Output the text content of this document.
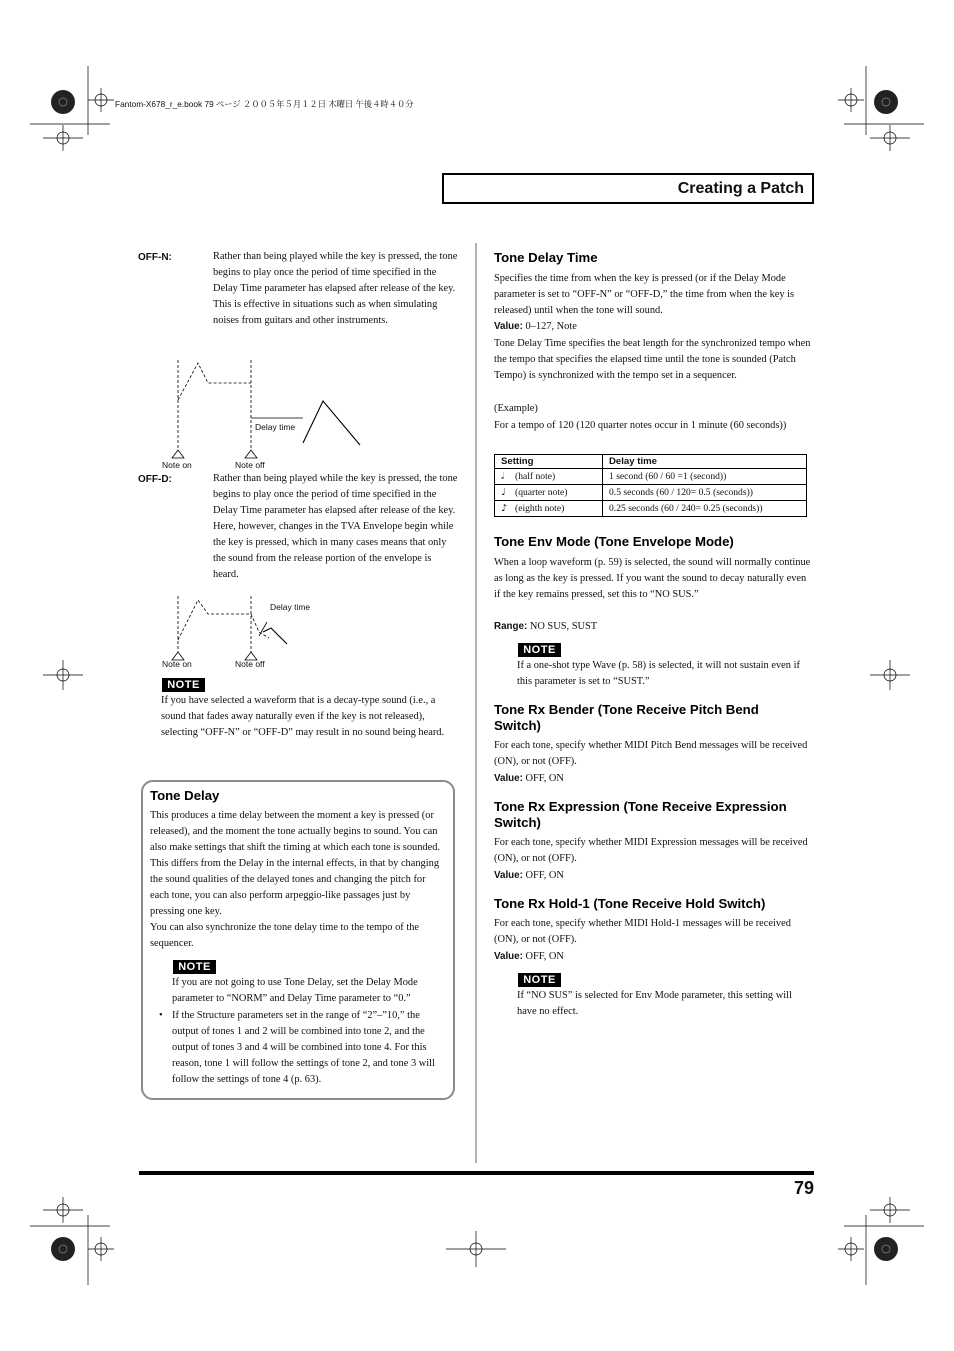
Fantom-X678_r_e.book 79 ページ ２００５年５月１２日 木曜日 午後４時４０分
Creating a Patch
OFF-N:	Rather than being played while the key is pressed, the tone begins to play once the period of time specified in the Delay Time parameter has elapsed after release of the key. This is effective in situations such as when simulating noises from guitars and other instruments.

Delay time
Note on	Note off
OFF-D:	Rather than being played while the key is pressed, the tone begins to play once the period of time specified in the Delay Time parameter has elapsed after release of the key. Here, however, changes in the TVA Envelope begin while the key is pressed, which in many cases means that only the sound from the release portion of the envelope is heard.

Delay time
Note on	Note off
NOTE

If you have selected a waveform that is a decay-type sound (i.e., a sound that fades away naturally even if the key is not released), selecting “OFF-N” or “OFF-D” may result in no sound being heard.

Tone Delay

This produces a time delay between the moment a key is pressed (or released), and the moment the tone actually begins to sound. You can also make settings that shift the timing at which each tone is sounded. This differs from the Delay in the internal effects, in that by changing the sound qualities of the delayed tones and changing the pitch for each tone, you can also perform arpeggio-like passages just by pressing one key.

You can also synchronize the tone delay time to the tempo of the sequencer.

NOTE

If you are not going to use Tone Delay, set the Delay Mode parameter to “NORM” and Delay Time parameter to “0.”

• If the Structure parameters set in the range of “2”–”10,” the output of tones 1 and 2 will be combined into tone 2, and the output of tones 3 and 4 will be combined into tone 4. For this reason, tone 1 will follow the settings of tone 2, and tone 3 will follow the settings of tone 4 (p. 63).

Tone Delay Time

Specifies the time from when the key is pressed (or if the Delay Mode parameter is set to “OFF-N” or “OFF-D,” the time from when the key is released) until when the tone will sound.

Value: 0–127, Note

Tone Delay Time specifies the beat length for the synchronized tempo when the tempo that specifies the elapsed time until the tone is sounded (Patch Tempo) is synchronized with the tempo set in a sequencer.

(Example)

For a tempo of 120 (120 quarter notes occur in 1 minute (60 seconds))

Setting	Delay time
𝅗𝅥 (half note)	1 second (60 / 60 =1 (second))
♩ (quarter note)	0.5 seconds (60 / 120= 0.5 (seconds))
♪ (eighth note)	0.25 seconds (60 / 240= 0.25 (seconds))
Tone Env Mode (Tone Envelope Mode)

When a loop waveform (p. 59) is selected, the sound will normally continue as long as the key is pressed. If you want the sound to decay naturally even if the key remains pressed, set this to “NO SUS.”

Range: NO SUS, SUST
NOTE

If a one-shot type Wave (p. 58) is selected, it will not sustain even if this parameter is set to “SUST.”

Tone Rx Bender (Tone Receive Pitch Bend Switch)

For each tone, specify whether MIDI Pitch Bend messages will be received (ON), or not (OFF).

Value: OFF, ON
Tone Rx Expression (Tone Receive Expression Switch)

For each tone, specify whether MIDI Expression messages will be received (ON), or not (OFF).

Value: OFF, ON
Tone Rx Hold-1 (Tone Receive Hold Switch)

For each tone, specify whether MIDI Hold-1 messages will be received (ON), or not (OFF).

Value: OFF, ON
NOTE

If “NO SUS” is selected for Env Mode parameter, this setting will have no effect.

79
